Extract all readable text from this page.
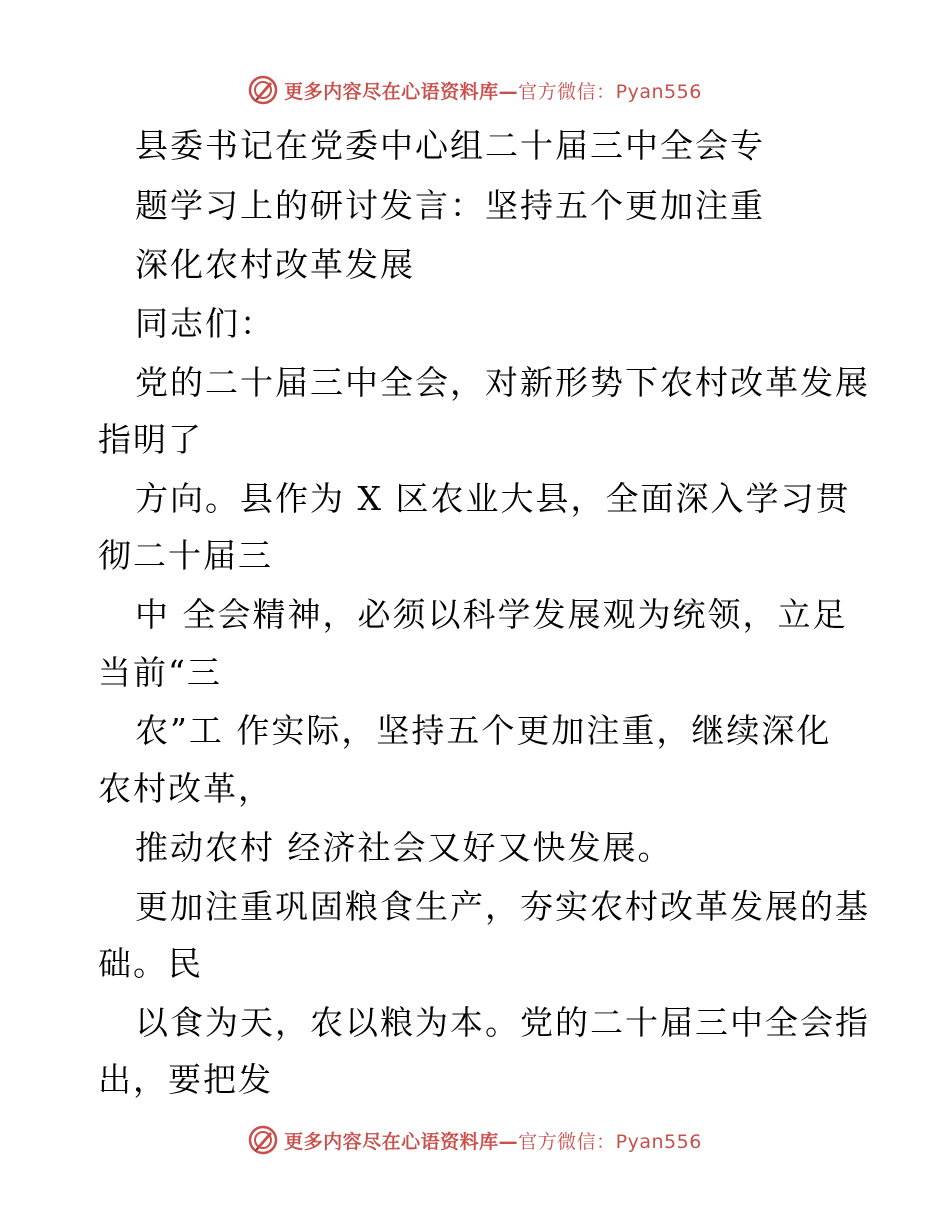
更多内容尽在心语资料库—官方微信：Pyan556
县委书记在党委中心组二十届三中全会专
题学习上的研讨发言：坚持五个更加注重
深化农村改革发展
同志们：
党的二十届三中全会，对新形势下农村改革发展
指明了
方向。县作为 X 区农业大县，全面深入学习贯
彻二十届三
中 全会精神，必须以科学发展观为统领，立足
当前“三
农”工 作实际，坚持五个更加注重，继续深化
农村改革，
推动农村 经济社会又好又快发展。
更加注重巩固粮食生产，夯实农村改革发展的基
础。民
以食为天，农以粮为本。党的二十届三中全会指
出，要把发
更多内容尽在心语资料库—官方微信：Pyan556
